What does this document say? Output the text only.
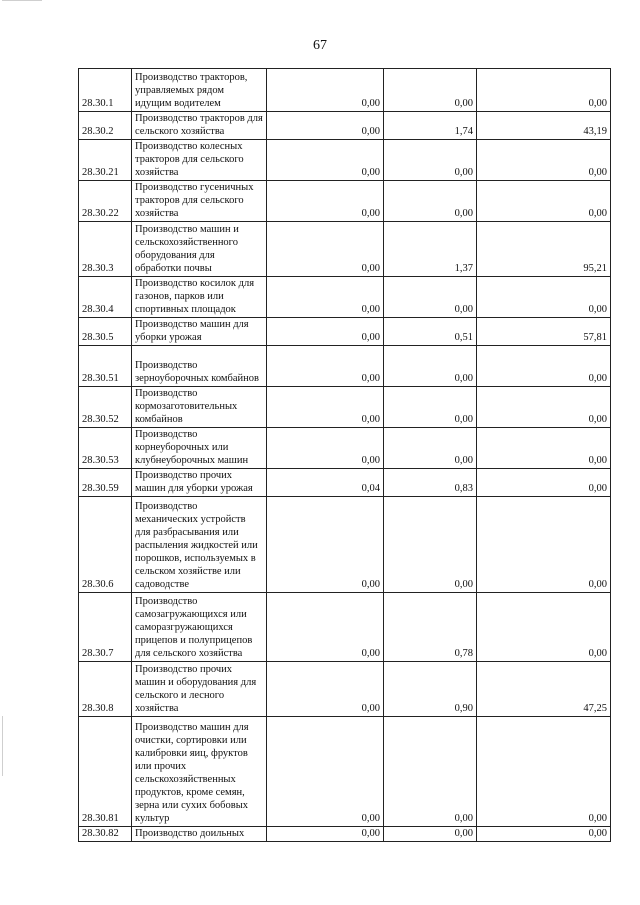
67
28.30.1	Производство тракторов, управляемых рядом идущим водителем	0,00	0,00	0,00
28.30.2	Производство тракторов для сельского хозяйства	0,00	1,74	43,19
28.30.21	Производство колесных тракторов для сельского хозяйства	0,00	0,00	0,00
28.30.22	Производство гусеничных тракторов для сельского хозяйства	0,00	0,00	0,00
28.30.3	Производство машин и сельскохозяйственного оборудования для обработки почвы	0,00	1,37	95,21
28.30.4	Производство косилок для газонов, парков или спортивных площадок	0,00	0,00	0,00
28.30.5	Производство машин для уборки урожая	0,00	0,51	57,81
28.30.51	Производство зерноуборочных комбайнов	0,00	0,00	0,00
28.30.52	Производство кормозаготовительных комбайнов	0,00	0,00	0,00
28.30.53	Производство корнеуборочных или клубнеуборочных машин	0,00	0,00	0,00
28.30.59	Производство прочих машин для уборки урожая	0,04	0,83	0,00
28.30.6	Производство механических устройств для разбрасывания или распыления жидкостей или порошков, используемых в сельском хозяйстве или садоводстве	0,00	0,00	0,00
28.30.7	Производство самозагружающихся или саморазгружающихся прицепов и полуприцепов для сельского хозяйства	0,00	0,78	0,00
28.30.8	Производство прочих машин и оборудования для сельского и лесного хозяйства	0,00	0,90	47,25
28.30.81	Производство машин для очистки, сортировки или калибровки яиц, фруктов или прочих сельскохозяйственных продуктов, кроме семян, зерна или сухих бобовых культур	0,00	0,00	0,00
28.30.82	Производство доильных	0,00	0,00	0,00
